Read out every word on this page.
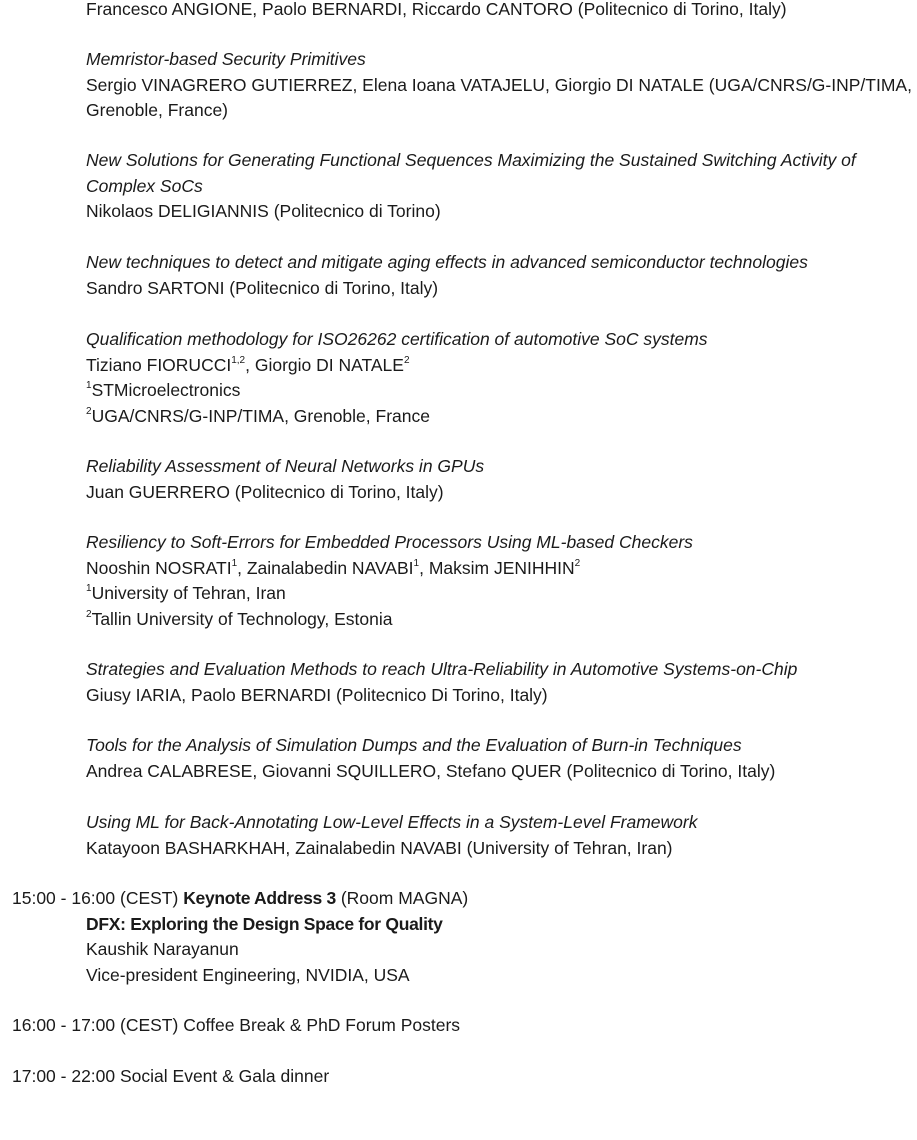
Francesco ANGIONE, Paolo BERNARDI, Riccardo CANTORO (Politecnico di Torino, Italy)

Memristor-based Security Primitives

Sergio VINAGRERO GUTIERREZ, Elena Ioana VATAJELU, Giorgio DI NATALE (UGA/CNRS/G-INP/TIMA, Grenoble, France)

New Solutions for Generating Functional Sequences Maximizing the Sustained Switching Activity of Complex SoCs

Nikolaos DELIGIANNIS (Politecnico di Torino)

New techniques to detect and mitigate aging effects in advanced semiconductor technologies

Sandro SARTONI (Politecnico di Torino, Italy)

Qualification methodology for ISO26262 certification of automotive SoC systems

Tiziano FIORUCCI$^{1,2}$, Giorgio DI NATALE$^2$

$^1$STMicroelectronics

$^2$UGA/CNRS/G-INP/TIMA, Grenoble, France

Reliability Assessment of Neural Networks in GPUs

Juan GUERRERO (Politecnico di Torino, Italy)

Resiliency to Soft-Errors for Embedded Processors Using ML-based Checkers

Nooshin NOSRATI$^1$, Zainalabedin NAVABI$^1$, Maksim JENIHHIN$^2$

$^1$University of Tehran, Iran

$^2$Tallin University of Technology, Estonia

Strategies and Evaluation Methods to reach Ultra-Reliability in Automotive Systems-on-Chip

Giusy IARIA, Paolo BERNARDI (Politecnico Di Torino, Italy)

Tools for the Analysis of Simulation Dumps and the Evaluation of Burn-in Techniques

Andrea CALABRESE, Giovanni SQUILLERO, Stefano QUER (Politecnico di Torino, Italy)

Using ML for Back-Annotating Low-Level Effects in a System-Level Framework

Katayoon BASHARKHAH, Zainalabedin NAVABI (University of Tehran, Iran)

15:00 - 16:00 (CEST) Keynote Address 3 (Room MAGNA)

DFX: Exploring the Design Space for Quality

Kaushik Narayanun

Vice-president Engineering, NVIDIA, USA

16:00 - 17:00 (CEST) Coffee Break & PhD Forum Posters

17:00 - 22:00 Social Event & Gala dinner
